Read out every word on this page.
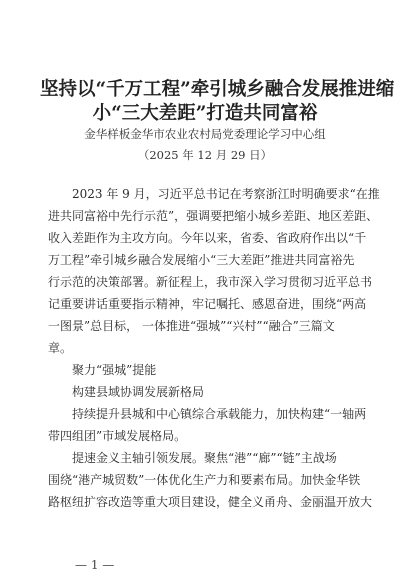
坚持以“千万工程”牵引城乡融合发展推进缩
小“三大差距”打造共同富裕
金华样板金华市农业农村局党委理论学习中心组
（2025 年 12 月 29 日）
2023 年 9 月，习近平总书记在考察浙江时明确要求“在推
进共同富裕中先行示范”，强调要把缩小城乡差距、地区差距、
收入差距作为主攻方向。今年以来，省委、省政府作出以“千
万工程”牵引城乡融合发展缩小“三大差距”推进共同富裕先
行示范的决策部署。新征程上，我市深入学习贯彻习近平总书
记重要讲话重要指示精神，牢记嘱托、感恩奋进，围绕“两高
一图景”总目标， 一体推进“强城”“兴村”“融合”三篇文
章。
聚力“强城”提能
构建县域协调发展新格局
持续提升县城和中心镇综合承载能力，加快构建“一轴两
带四组团”市域发展格局。
提速金义主轴引领发展。聚焦“港”“廊”“链”主战场
围绕“港产城贸数”一体优化生产力和要素布局。加快金华铁
路枢纽扩容改造等重大项目建设，健全义甬舟、金丽温开放大
— 1 —
